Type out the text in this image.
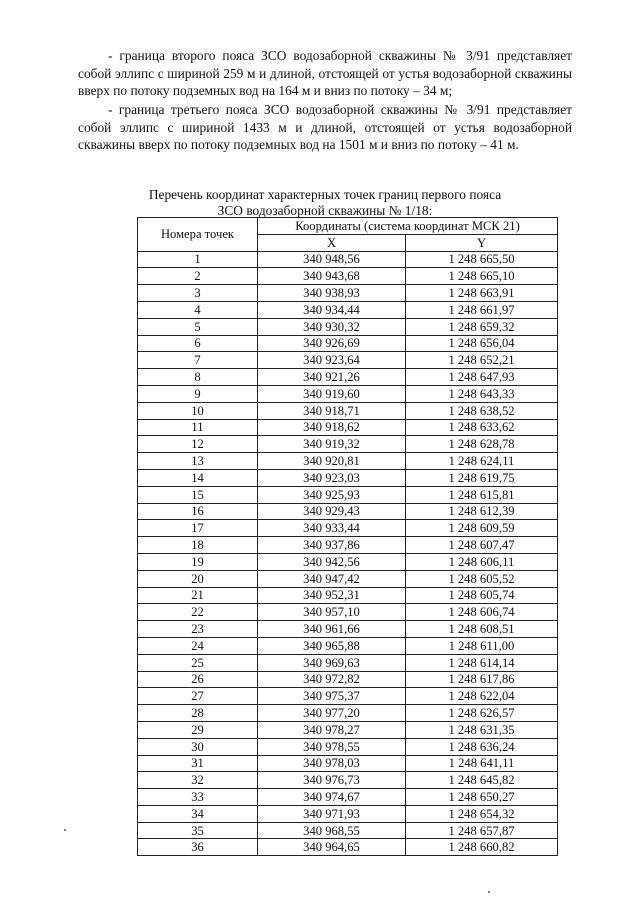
- граница второго пояса ЗСО водозаборной скважины № 3/91 представляет собой эллипс с шириной 259 м и длиной, отстоящей от устья водозаборной скважины вверх по потоку подземных вод на 164 м и вниз по потоку – 34 м;
- граница третьего пояса ЗСО водозаборной скважины № 3/91 представляет собой эллипс с шириной 1433 м и длиной, отстоящей от устья водозаборной скважины вверх по потоку подземных вод на 1501 м и вниз по потоку – 41 м.
Перечень координат характерных точек границ первого пояса
ЗСО водозаборной скважины № 1/18:
Номера точек	Координаты (система координат МСК 21)	
	X	Y
1	340 948,56	1 248 665,50
2	340 943,68	1 248 665,10
3	340 938,93	1 248 663,91
4	340 934,44	1 248 661,97
5	340 930,32	1 248 659,32
6	340 926,69	1 248 656,04
7	340 923,64	1 248 652,21
8	340 921,26	1 248 647,93
9	340 919,60	1 248 643,33
10	340 918,71	1 248 638,52
11	340 918,62	1 248 633,62
12	340 919,32	1 248 628,78
13	340 920,81	1 248 624,11
14	340 923,03	1 248 619,75
15	340 925,93	1 248 615,81
16	340 929,43	1 248 612,39
17	340 933,44	1 248 609,59
18	340 937,86	1 248 607,47
19	340 942,56	1 248 606,11
20	340 947,42	1 248 605,52
21	340 952,31	1 248 605,74
22	340 957,10	1 248 606,74
23	340 961,66	1 248 608,51
24	340 965,88	1 248 611,00
25	340 969,63	1 248 614,14
26	340 972,82	1 248 617,86
27	340 975,37	1 248 622,04
28	340 977,20	1 248 626,57
29	340 978,27	1 248 631,35
30	340 978,55	1 248 636,24
31	340 978,03	1 248 641,11
32	340 976,73	1 248 645,82
33	340 974,67	1 248 650,27
34	340 971,93	1 248 654,32
35	340 968,55	1 248 657,87
36	340 964,65	1 248 660,82
